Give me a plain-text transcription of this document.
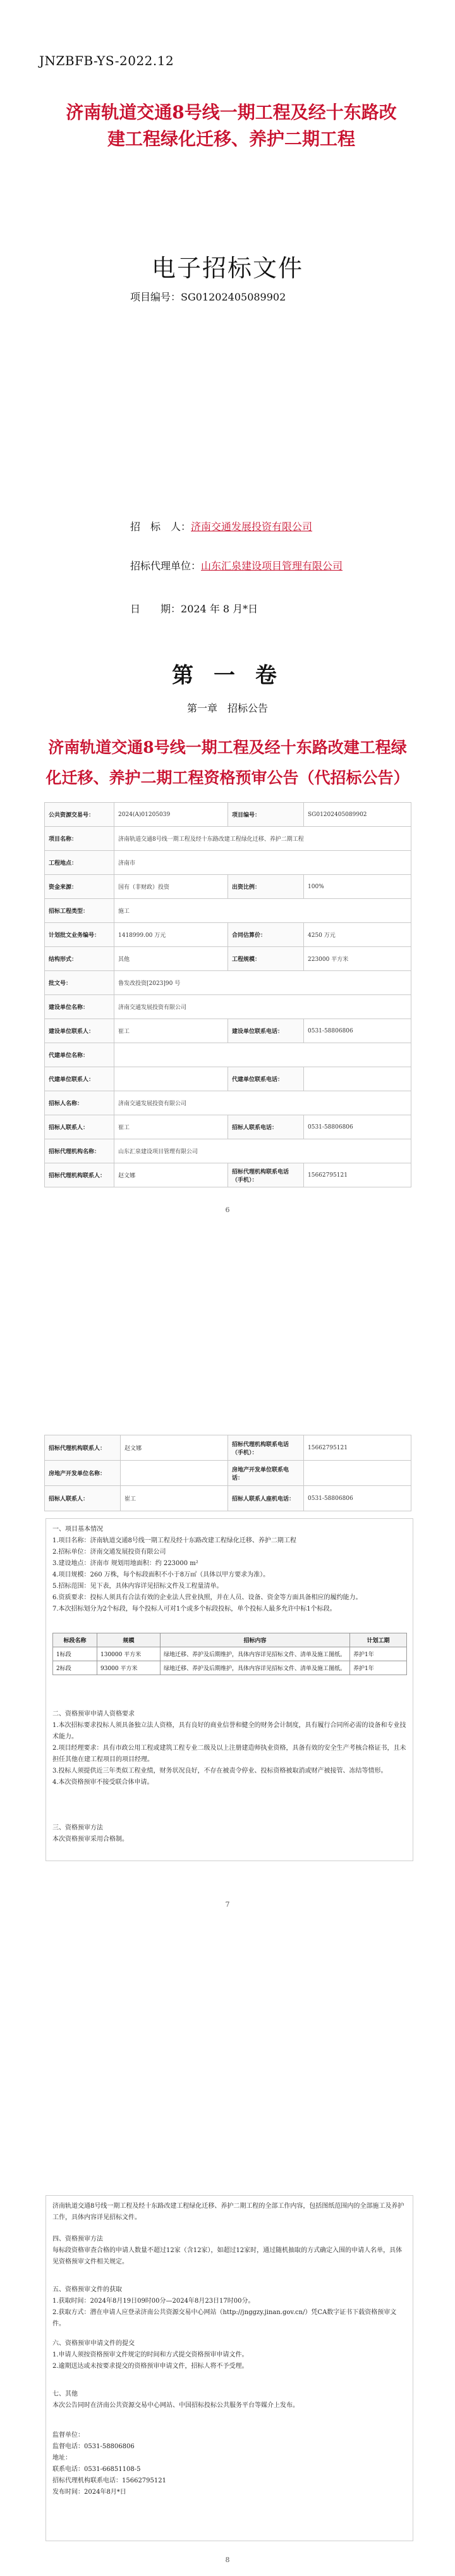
JNZBFB-YS-2022.12
济南轨道交通8号线一期工程及经十东路改建工程绿化迁移、养护二期工程
电子招标文件
项目编号：SG01202405089902
招　标　人：济南交通发展投资有限公司
招标代理单位：山东汇泉建设项目管理有限公司
日　　期：2024 年 8 月*日
第 一 卷
第一章　招标公告
济南轨道交通8号线一期工程及经十东路改建工程绿化迁移、养护二期工程资格预审公告（代招标公告）
公共资源交易号：	2024(A)01205039	项目编号：	SG01202405089902
项目名称：	济南轨道交通8号线一期工程及经十东路改建工程绿化迁移、养护二期工程		
工程地点：	济南市		
资金来源：	国有（非财政）投资	出资比例：	100%
招标工程类型：	施工		
计划批文业务编号：	1418999.00 万元	合同估算价：	4250 万元
结构形式：	其他	工程规模：	223000 平方米
批文号：	鲁发改投资[2023]90 号		
建设单位名称：	济南交通发展投资有限公司		
建设单位联系人：	崔工	建设单位联系电话：	0531-58806806
代建单位名称：			
代建单位联系人：		代建单位联系电话：	
招标人名称：	济南交通发展投资有限公司		
招标人联系人：	崔工	招标人联系电话：	0531-58806806
招标代理机构名称：	山东汇泉建设项目管理有限公司		
招标代理机构联系人：	赵文娜	招标代理机构联系电话（手机）：	15662795121
6
招标代理机构联系人：	赵文娜	招标代理机构联系电话（手机）：	15662795121
房地产开发单位名称：		房地产开发单位联系电话：	
招标人联系人：	崔工	招标人联系人座机电话：	0531-58806806

一、项目基本情况

1.项目名称：济南轨道交通8号线一期工程及经十东路改建工程绿化迁移、养护二期工程

2.招标单位：济南交通发展投资有限公司

3.建设地点：济南市 规划用地面积：约 223000 m²

4.项目规模：260 万株，每个标段面积不小于8万㎡（具体以甲方要求为准）。

5.招标范围：见下表，具体内容详见招标文件及工程量清单。

6.资质要求：投标人须具有合法有效的企业法人营业执照，并在人员、设备、资金等方面具备相应的履约能力。

7.本次招标划分为2个标段，每个投标人可对1个或多个标段投标，单个投标人最多允许中标1个标段。

标段名称	规模	招标内容	计划工期
1标段	130000 平方米	绿地迁移、养护及后期维护，具体内容详见招标文件、清单及施工图纸。	养护1年
2标段	93000 平方米	绿地迁移、养护及后期维护，具体内容详见招标文件、清单及施工图纸。	养护1年

二、资格预审申请人资格要求

1.本次招标要求投标人须具备独立法人资格，具有良好的商业信誉和健全的财务会计制度，具有履行合同所必需的设备和专业技术能力。

2.项目经理要求：具有市政公用工程或建筑工程专业二级及以上注册建造师执业资格，具备有效的安全生产考核合格证书，且未担任其他在建工程项目的项目经理。

3.投标人须提供近三年类似工程业绩，财务状况良好，不存在被责令停业、投标资格被取消或财产被接管、冻结等情形。

4.本次资格预审不接受联合体申请。

三、资格预审方法

本次资格预审采用合格制。

7

济南轨道交通8号线一期工程及经十东路改建工程绿化迁移、养护二期工程的全部工作内容，包括图纸范围内的全部施工及养护工作，具体内容详见招标文件。

四、资格预审方法

每标段资格审查合格的申请人数量不超过12家（含12家），如超过12家时，通过随机抽取的方式确定入围的申请人名单，具体见资格预审文件相关规定。

五、资格预审文件的获取

1.获取时间：2024年8月19日09时00分—2024年8月23日17时00分。

2.获取方式：潜在申请人应登录济南公共资源交易中心网站（http://jnggzy.jinan.gov.cn/）凭CA数字证书下载资格预审文件。

六、资格预审申请文件的提交

1.申请人须按资格预审文件规定的时间和方式提交资格预审申请文件。

2.逾期送达或未按要求提交的资格预审申请文件，招标人将不予受理。

七、其他

本次公告同时在济南公共资源交易中心网站、中国招标投标公共服务平台等媒介上发布。

监督单位：

监督电话：0531-58806806

地址：

联系电话：0531-66851108-5

招标代理机构联系电话：15662795121

发布时间：2024年8月*日

8
